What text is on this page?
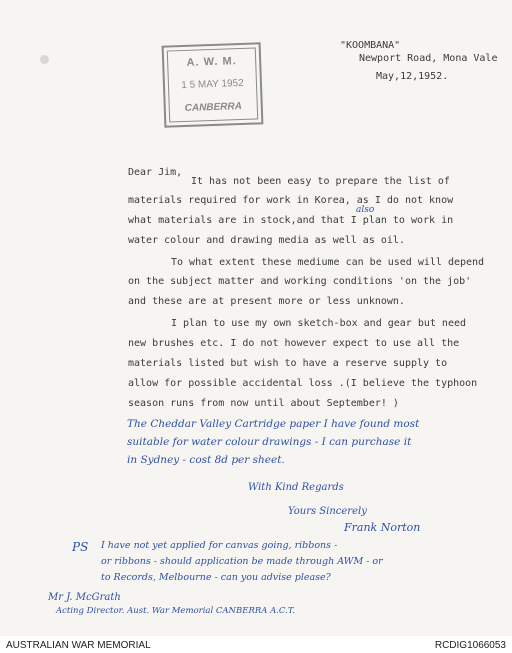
A. W. M.
1 5 MAY 1952
CANBERRA
"KOOMBANA"
Newport Road, Mona Vale
May,12,1952.
Dear Jim,
It has not been easy to prepare the list of
materials required for work in Korea, as I do not know
what materials are in stock,and that I plan to work in
water colour and drawing media as well as oil.
To what extent these mediume can be used will depend
on the subject matter and working conditions 'on the job'
and these are at present more or less unknown.
I plan to use my own sketch-box and gear but need
new brushes etc. I do not however expect to use all the
materials listed but wish to have a reserve supply to
allow for possible accidental loss .(I believe the typhoon
season runs from now until about September! )
also
The Cheddar Valley Cartridge paper I have found most
suitable for water colour drawings - I can purchase it
in Sydney - cost 8d per sheet.
With Kind Regards
Yours Sincerely
Frank Norton
PS I have not yet applied for canvas going, ribbons -
or ribbons - should application be made through AWM - or
to Records, Melbourne - can you advise please?
Mr J. McGrath
Acting Director. Aust. War Memorial CANBERRA A.C.T.
AUSTRALIAN WAR MEMORIAL	RCDIG1066053
